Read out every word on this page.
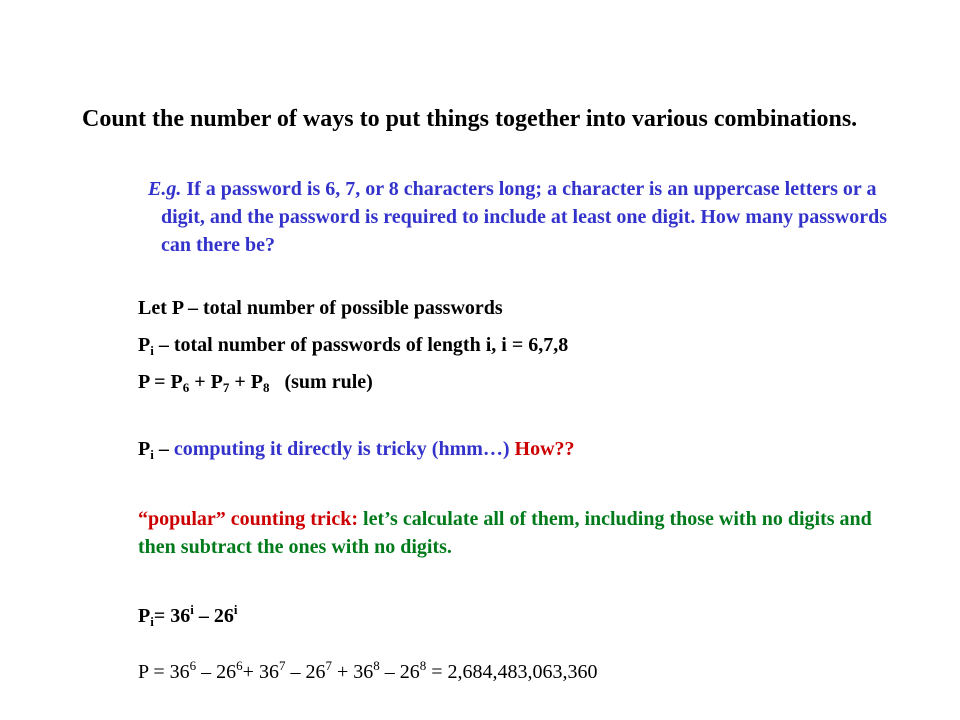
Count the number of ways to put things together into various combinations.
E.g. If a password is 6, 7, or 8 characters long; a character is an uppercase letters or a digit, and the password is required to include at least one digit. How many passwords can there be?
Let P – total number of possible passwords
$P_i$ – total number of passwords of length i, i = 6,7,8
$P = P_6 + P_7 + P_8$   (sum rule)
$P_i$ – computing it directly is tricky (hmm…) How??
“popular” counting trick: let’s calculate all of them, including those with no digits and then subtract the ones with no digits.
$P_i= 36^i - 26^i$
$P = 36^6 - 26^6+ 36^7 - 26^7 + 36^8 - 26^8 = 2,684,483,063,360$
